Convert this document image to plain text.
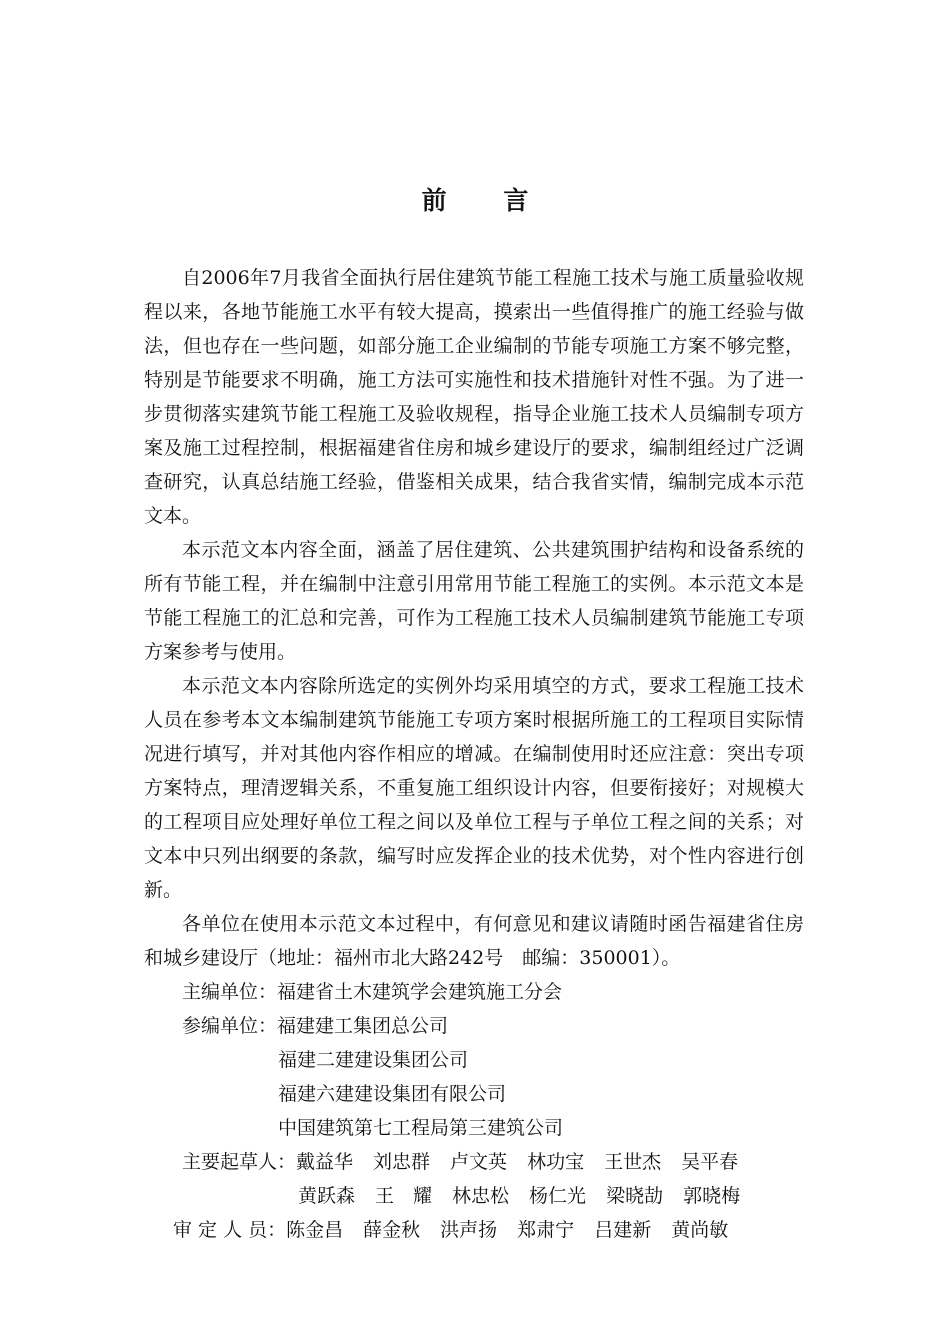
前 言

自2006年7月我省全面执行居住建筑节能工程施工技术与施工质量验收规程以来，各地节能施工水平有较大提高，摸索出一些值得推广的施工经验与做法，但也存在一些问题，如部分施工企业编制的节能专项施工方案不够完整，特别是节能要求不明确，施工方法可实施性和技术措施针对性不强。为了进一步贯彻落实建筑节能工程施工及验收规程，指导企业施工技术人员编制专项方案及施工过程控制，根据福建省住房和城乡建设厅的要求，编制组经过广泛调查研究，认真总结施工经验，借鉴相关成果，结合我省实情，编制完成本示范文本。

本示范文本内容全面，涵盖了居住建筑、公共建筑围护结构和设备系统的所有节能工程，并在编制中注意引用常用节能工程施工的实例。本示范文本是节能工程施工的汇总和完善，可作为工程施工技术人员编制建筑节能施工专项方案参考与使用。

本示范文本内容除所选定的实例外均采用填空的方式，要求工程施工技术人员在参考本文本编制建筑节能施工专项方案时根据所施工的工程项目实际情况进行填写，并对其他内容作相应的增减。在编制使用时还应注意：突出专项方案特点，理清逻辑关系，不重复施工组织设计内容，但要衔接好；对规模大的工程项目应处理好单位工程之间以及单位工程与子单位工程之间的关系；对文本中只列出纲要的条款，编写时应发挥企业的技术优势，对个性内容进行创新。

各单位在使用本示范文本过程中，有何意见和建议请随时函告福建省住房和城乡建设厅（地址：福州市北大路242号　邮编：350001）。

主编单位：福建省土木建筑学会建筑施工分会
参编单位：福建建工集团总公司
福建二建建设集团公司
福建六建建设集团有限公司
中国建筑第七工程局第三建筑公司
主要起草人：戴益华 刘忠群 卢文英 林功宝 王世杰 吴平春
黄跃森 王　耀 林忠松 杨仁光 梁晓劼 郭晓梅
审 定 人 员：陈金昌 薛金秋 洪声扬 郑肃宁 吕建新 黄尚敏
